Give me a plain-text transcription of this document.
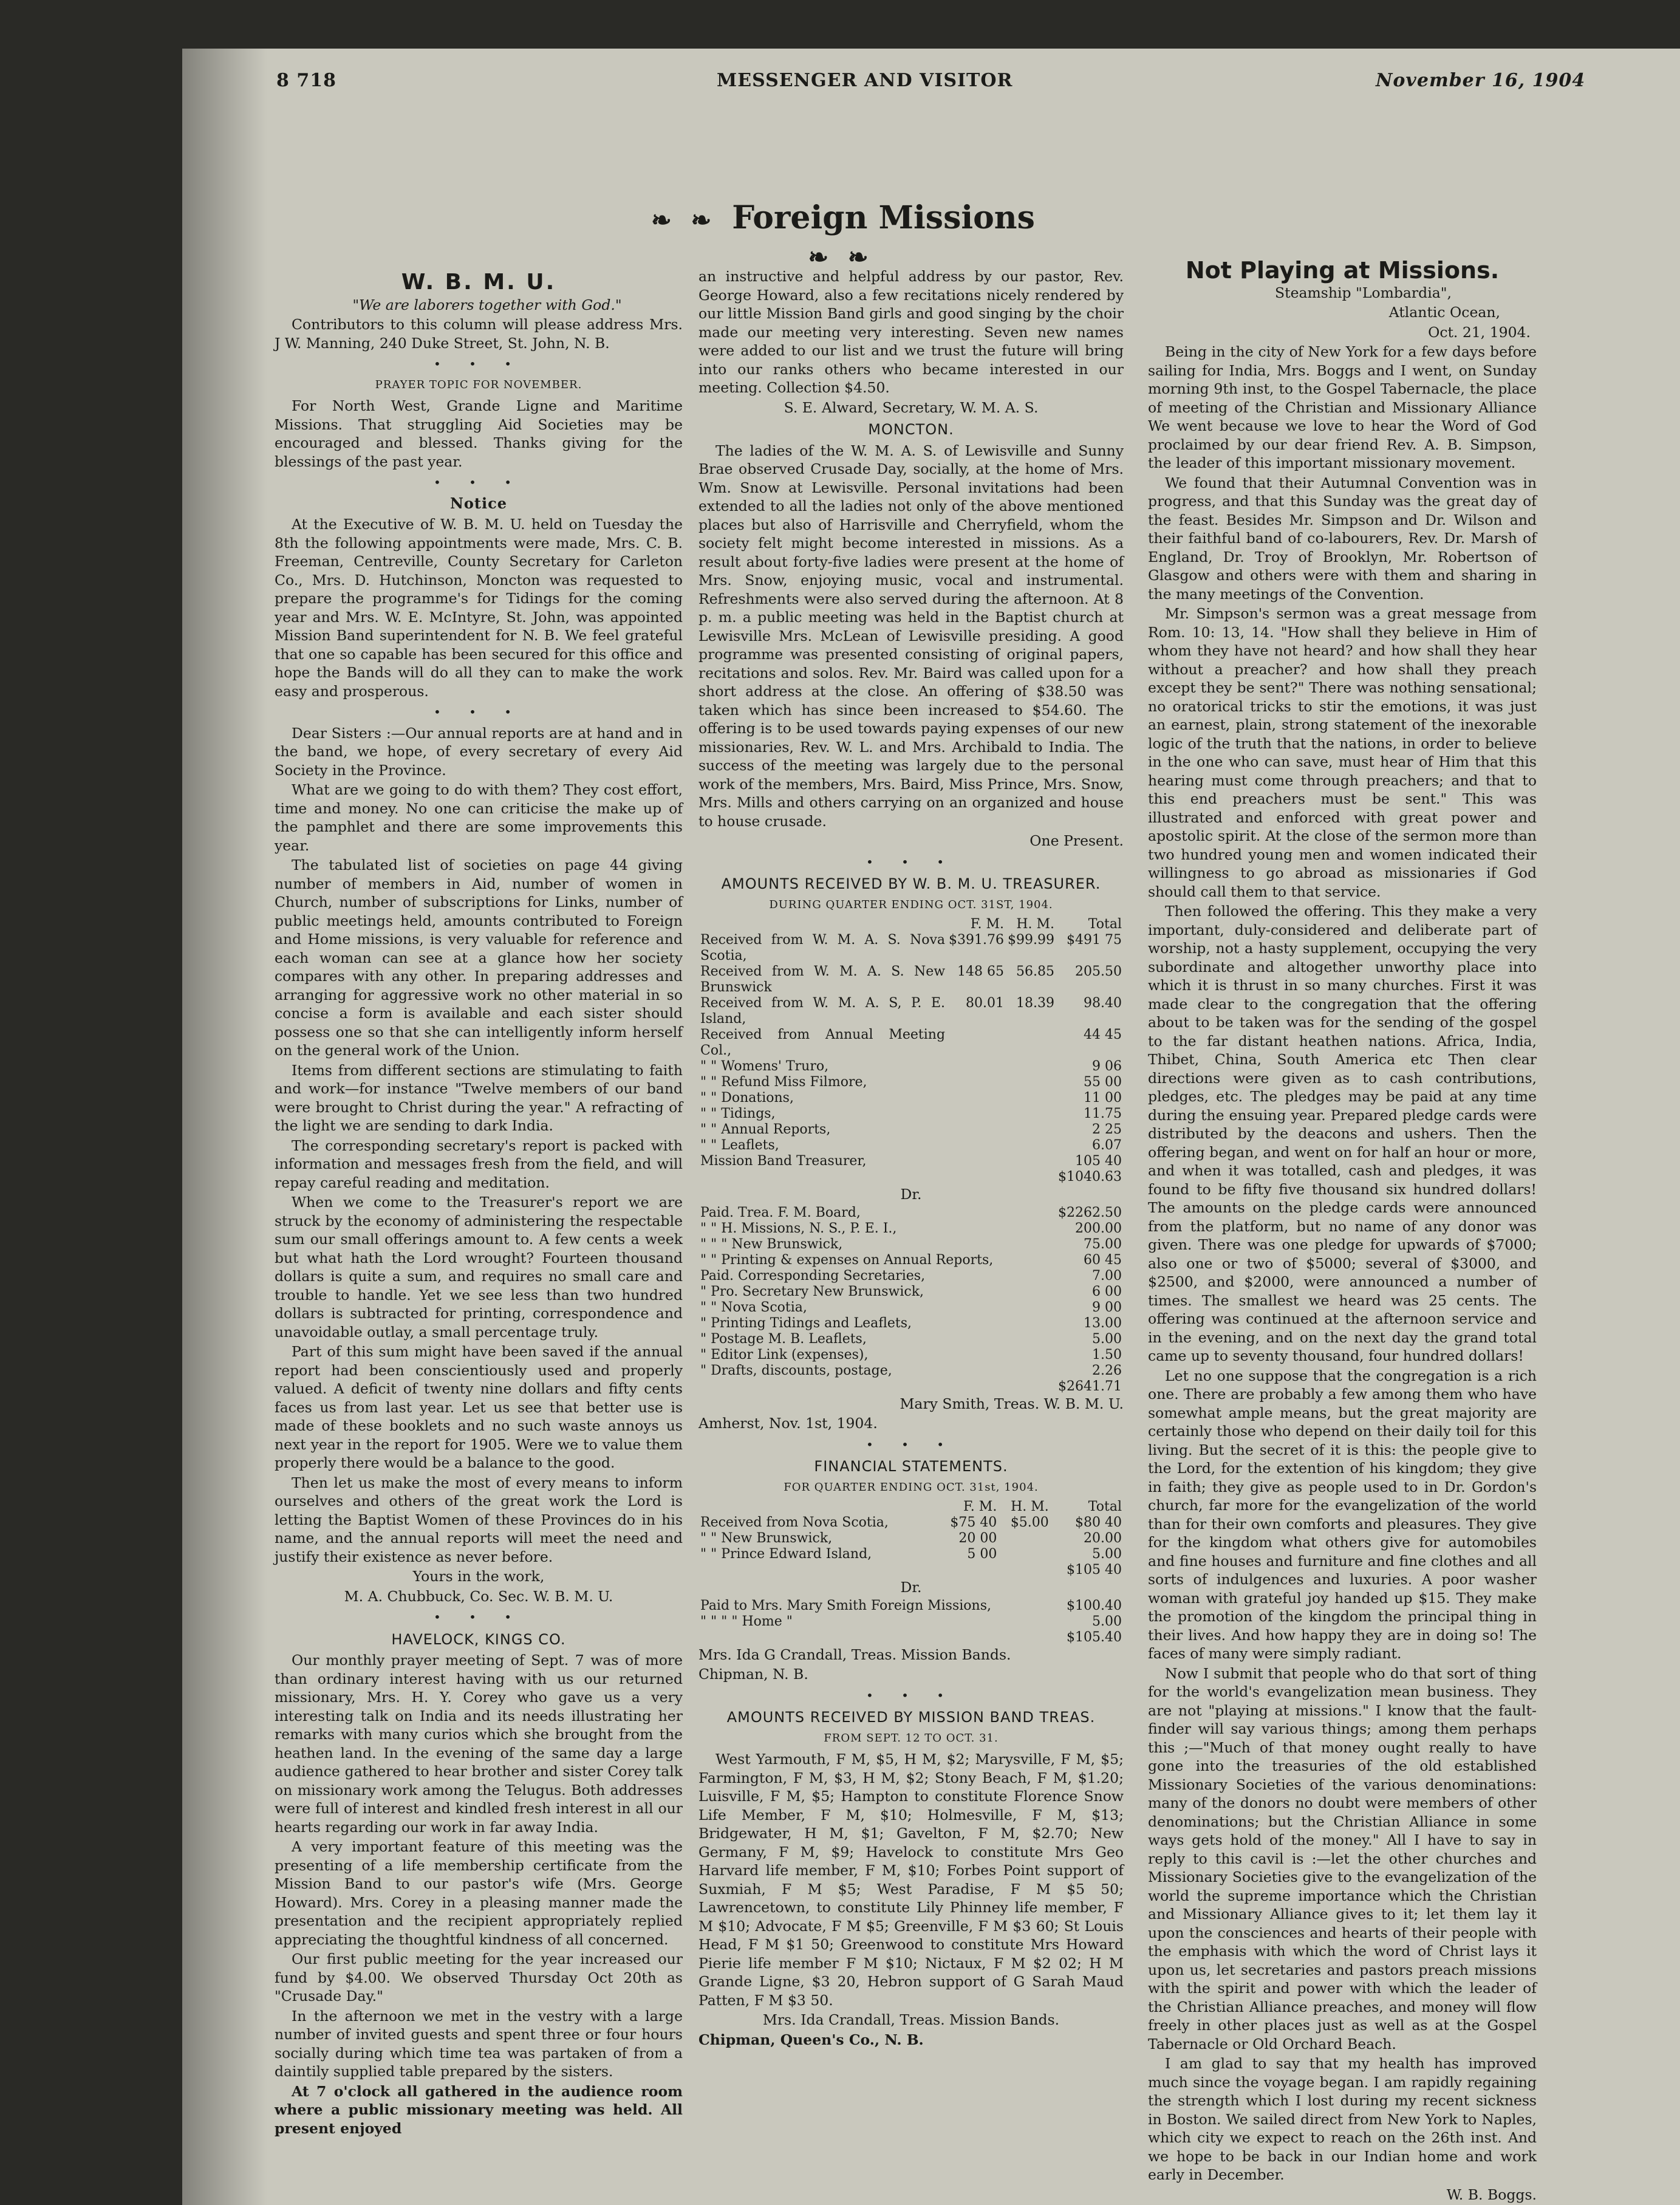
8 718	MESSENGER AND VISITOR	November 16, 1904
❧ ❧ Foreign Missions ❧ ❧
W. B. M. U.

"We are laborers together with God."

Contributors to this column will please address Mrs. J W. Manning, 240 Duke Street, St. John, N. B.

• • •
PRAYER TOPIC FOR NOVEMBER.

For North West, Grande Ligne and Maritime Missions. That struggling Aid Societies may be encouraged and blessed. Thanks giving for the blessings of the past year.

• • •
Notice

At the Executive of W. B. M. U. held on Tuesday the 8th the following appointments were made, Mrs. C. B. Freeman, Centreville, County Secretary for Carleton Co., Mrs. D. Hutchinson, Moncton was requested to prepare the programme's for Tidings for the coming year and Mrs. W. E. McIntyre, St. John, was appointed Mission Band superintendent for N. B. We feel grateful that one so capable has been secured for this office and hope the Bands will do all they can to make the work easy and prosperous.

• • •

Dear Sisters :—Our annual reports are at hand and in the band, we hope, of every secretary of every Aid Society in the Province.

What are we going to do with them? They cost effort, time and money. No one can criticise the make up of the pamphlet and there are some improvements this year.

The tabulated list of societies on page 44 giving number of members in Aid, number of women in Church, number of subscriptions for Links, number of public meetings held, amounts contributed to Foreign and Home missions, is very valuable for reference and each woman can see at a glance how her society compares with any other. In preparing addresses and arranging for aggressive work no other material in so concise a form is available and each sister should possess one so that she can intelligently inform herself on the general work of the Union.

Items from different sections are stimulating to faith and work—for instance "Twelve members of our band were brought to Christ during the year." A refracting of the light we are sending to dark India.

The corresponding secretary's report is packed with information and messages fresh from the field, and will repay careful reading and meditation.

When we come to the Treasurer's report we are struck by the economy of administering the respectable sum our small offerings amount to. A few cents a week but what hath the Lord wrought? Fourteen thousand dollars is quite a sum, and requires no small care and trouble to handle. Yet we see less than two hundred dollars is subtracted for printing, correspondence and unavoidable outlay, a small percentage truly.

Part of this sum might have been saved if the annual report had been conscientiously used and properly valued. A deficit of twenty nine dollars and fifty cents faces us from last year. Let us see that better use is made of these booklets and no such waste annoys us next year in the report for 1905. Were we to value them properly there would be a balance to the good.

Then let us make the most of every means to inform ourselves and others of the great work the Lord is letting the Baptist Women of these Provinces do in his name, and the annual reports will meet the need and justify their existence as never before.

Yours in the work,

M. A. Chubbuck, Co. Sec. W. B. M. U.

• • •
HAVELOCK, KINGS CO.

Our monthly prayer meeting of Sept. 7 was of more than ordinary interest having with us our returned missionary, Mrs. H. Y. Corey who gave us a very interesting talk on India and its needs illustrating her remarks with many curios which she brought from the heathen land. In the evening of the same day a large audience gathered to hear brother and sister Corey talk on missionary work among the Telugus. Both addresses were full of interest and kindled fresh interest in all our hearts regarding our work in far away India.

A very important feature of this meeting was the presenting of a life membership certificate from the Mission Band to our pastor's wife (Mrs. George Howard). Mrs. Corey in a pleasing manner made the presentation and the recipient appropriately replied appreciating the thoughtful kindness of all concerned.

Our first public meeting for the year increased our fund by $4.00. We observed Thursday Oct 20th as "Crusade Day."

In the afternoon we met in the vestry with a large number of invited guests and spent three or four hours socially during which time tea was partaken of from a daintily supplied table prepared by the sisters.

At 7 o'clock all gathered in the audience room where a public missionary meeting was held. All present enjoyed

an instructive and helpful address by our pastor, Rev. George Howard, also a few recitations nicely rendered by our little Mission Band girls and good singing by the choir made our meeting very interesting. Seven new names were added to our list and we trust the future will bring into our ranks others who became interested in our meeting. Collection $4.50.

S. E. Alward, Secretary, W. M. A. S.

MONCTON.

The ladies of the W. M. A. S. of Lewisville and Sunny Brae observed Crusade Day, socially, at the home of Mrs. Wm. Snow at Lewisville. Personal invitations had been extended to all the ladies not only of the above mentioned places but also of Harrisville and Cherryfield, whom the society felt might become interested in missions. As a result about forty-five ladies were present at the home of Mrs. Snow, enjoying music, vocal and instrumental. Refreshments were also served during the afternoon. At 8 p. m. a public meeting was held in the Baptist church at Lewisville Mrs. McLean of Lewisville presiding. A good programme was presented consisting of original papers, recitations and solos. Rev. Mr. Baird was called upon for a short address at the close. An offering of $38.50 was taken which has since been increased to $54.60. The offering is to be used towards paying expenses of our new missionaries, Rev. W. L. and Mrs. Archibald to India. The success of the meeting was largely due to the personal work of the members, Mrs. Baird, Miss Prince, Mrs. Snow, Mrs. Mills and others carrying on an organized and house to house crusade.

One Present.

• • •
AMOUNTS RECEIVED BY W. B. M. U. TREASURER.
DURING QUARTER ENDING OCT. 31ST, 1904.
	F. M.	H. M.	Total
Received from W. M. A. S. Nova Scotia,	$391.76	$99.99	$491 75
Received from W. M. A. S. New Brunswick	148 65	56.85	205.50
Received from W. M. A. S, P. E. Island,	80.01	18.39	98.40
Received from Annual Meeting Col.,			44 45
" " Womens' Truro,			9 06
" " Refund Miss Filmore,			55 00
" " Donations,			11 00
" " Tidings,			11.75
" " Annual Reports,			2 25
" " Leaflets,			6.07
Mission Band Treasurer,			105 40
			$1040.63

Dr.

Paid. Trea. F. M. Board,	$2262.50
" " H. Missions, N. S., P. E. I.,	200.00
" " " New Brunswick,	75.00
" " Printing & expenses on Annual Reports,	60 45
Paid. Corresponding Secretaries,	7.00
" Pro. Secretary New Brunswick,	6 00
" " Nova Scotia,	9 00
" Printing Tidings and Leaflets,	13.00
" Postage M. B. Leaflets,	5.00
" Editor Link (expenses),	1.50
" Drafts, discounts, postage,	2.26
	$2641.71

Mary Smith, Treas. W. B. M. U.

Amherst, Nov. 1st, 1904.

• • •
FINANCIAL STATEMENTS.
FOR QUARTER ENDING OCT. 31st, 1904.
	F. M.	H. M.	Total
Received from Nova Scotia,	$75 40	$5.00	$80 40
" " New Brunswick,	20 00		20.00
" " Prince Edward Island,	5 00		5.00
			$105 40

Dr.

Paid to Mrs. Mary Smith Foreign Missions,	$100.40
" " " " Home "	5.00
	$105.40

Mrs. Ida G Crandall, Treas. Mission Bands.

Chipman, N. B.

• • •
AMOUNTS RECEIVED BY MISSION BAND TREAS.
FROM SEPT. 12 TO OCT. 31.

West Yarmouth, F M, $5, H M, $2; Marysville, F M, $5; Farmington, F M, $3, H M, $2; Stony Beach, F M, $1.20; Luisville, F M, $5; Hampton to constitute Florence Snow Life Member, F M, $10; Holmesville, F M, $13; Bridgewater, H M, $1; Gavelton, F M, $2.70; New Germany, F M, $9; Havelock to constitute Mrs Geo Harvard life member, F M, $10; Forbes Point support of Suxmiah, F M $5; West Paradise, F M $5 50; Lawrencetown, to constitute Lily Phinney life member, F M $10; Advocate, F M $5; Greenville, F M $3 60; St Louis Head, F M $1 50; Greenwood to constitute Mrs Howard Pierie life member F M $10; Nictaux, F M $2 02; H M Grande Ligne, $3 20, Hebron support of G Sarah Maud Patten, F M $3 50.

Mrs. Ida Crandall, Treas. Mission Bands.

Chipman, Queen's Co., N. B.

Not Playing at Missions.

Steamship "Lombardia",

Atlantic Ocean,

Oct. 21, 1904.

Being in the city of New York for a few days before sailing for India, Mrs. Boggs and I went, on Sunday morning 9th inst, to the Gospel Tabernacle, the place of meeting of the Christian and Missionary Alliance We went because we love to hear the Word of God proclaimed by our dear friend Rev. A. B. Simpson, the leader of this important missionary movement.

We found that their Autumnal Convention was in progress, and that this Sunday was the great day of the feast. Besides Mr. Simpson and Dr. Wilson and their faithful band of co-labourers, Rev. Dr. Marsh of England, Dr. Troy of Brooklyn, Mr. Robertson of Glasgow and others were with them and sharing in the many meetings of the Convention.

Mr. Simpson's sermon was a great message from Rom. 10: 13, 14. "How shall they believe in Him of whom they have not heard? and how shall they hear without a preacher? and how shall they preach except they be sent?" There was nothing sensational; no oratorical tricks to stir the emotions, it was just an earnest, plain, strong statement of the inexorable logic of the truth that the nations, in order to believe in the one who can save, must hear of Him that this hearing must come through preachers; and that to this end preachers must be sent." This was illustrated and enforced with great power and apostolic spirit. At the close of the sermon more than two hundred young men and women indicated their willingness to go abroad as missionaries if God should call them to that service.

Then followed the offering. This they make a very important, duly-considered and deliberate part of worship, not a hasty supplement, occupying the very subordinate and altogether unworthy place into which it is thrust in so many churches. First it was made clear to the congregation that the offering about to be taken was for the sending of the gospel to the far distant heathen nations. Africa, India, Thibet, China, South America etc Then clear directions were given as to cash contributions, pledges, etc. The pledges may be paid at any time during the ensuing year. Prepared pledge cards were distributed by the deacons and ushers. Then the offering began, and went on for half an hour or more, and when it was totalled, cash and pledges, it was found to be fifty five thousand six hundred dollars! The amounts on the pledge cards were announced from the platform, but no name of any donor was given. There was one pledge for upwards of $7000; also one or two of $5000; several of $3000, and $2500, and $2000, were announced a number of times. The smallest we heard was 25 cents. The offering was continued at the afternoon service and in the evening, and on the next day the grand total came up to seventy thousand, four hundred dollars!

Let no one suppose that the congregation is a rich one. There are probably a few among them who have somewhat ample means, but the great majority are certainly those who depend on their daily toil for this living. But the secret of it is this: the people give to the Lord, for the extention of his kingdom; they give in faith; they give as people used to in Dr. Gordon's church, far more for the evangelization of the world than for their own comforts and pleasures. They give for the kingdom what others give for automobiles and fine houses and furniture and fine clothes and all sorts of indulgences and luxuries. A poor washer woman with grateful joy handed up $15. They make the promotion of the kingdom the principal thing in their lives. And how happy they are in doing so! The faces of many were simply radiant.

Now I submit that people who do that sort of thing for the world's evangelization mean business. They are not "playing at missions." I know that the fault-finder will say various things; among them perhaps this ;—"Much of that money ought really to have gone into the treasuries of the old established Missionary Societies of the various denominations: many of the donors no doubt were members of other denominations; but the Christian Alliance in some ways gets hold of the money." All I have to say in reply to this cavil is :—let the other churches and Missionary Societies give to the evangelization of the world the supreme importance which the Christian and Missionary Alliance gives to it; let them lay it upon the consciences and hearts of their people with the emphasis with which the word of Christ lays it upon us, let secretaries and pastors preach missions with the spirit and power with which the leader of the Christian Alliance preaches, and money will flow freely in other places just as well as at the Gospel Tabernacle or Old Orchard Beach.

I am glad to say that my health has improved much since the voyage began. I am rapidly regaining the strength which I lost during my recent sickness in Boston. We sailed direct from New York to Naples, which city we expect to reach on the 26th inst. And we hope to be back in our Indian home and work early in December.

W. B. Boggs.
